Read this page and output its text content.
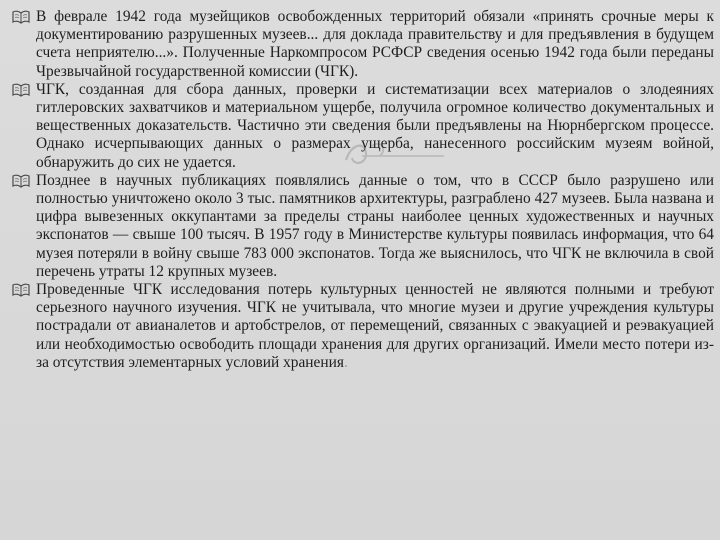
В феврале 1942 года музейщиков освобожденных территорий обязали «принять срочные меры к документированию разрушенных музеев... для доклада правительству и для предъявления в будущем счета неприятелю...». Полученные Наркомпросом РСФСР сведения осенью 1942 года были переданы Чрезвычайной государственной комиссии (ЧГК).
ЧГК, созданная для сбора данных, проверки и систематизации всех материалов о злодеяниях гитлеровских захватчиков и материальном ущербе, получила огромное количество документальных и вещественных доказательств. Частично эти сведения были предъявлены на Нюрнбергском процессе. Однако исчерпывающих данных о размерах ущерба, нанесенного российским музеям войной, обнаружить до сих не удается.
Позднее в научных публикациях появлялись данные о том, что в СССР было разрушено или полностью уничтожено около 3 тыс. памятников архитектуры, разграблено 427 музеев. Была названа и цифра вывезенных оккупантами за пределы страны наиболее ценных художественных и научных экспонатов — свыше 100 тысяч. В 1957 году в Министерстве культуры появилась информация, что 64 музея потеряли в войну свыше 783 000 экспонатов. Тогда же выяснилось, что ЧГК не включила в свой перечень утраты 12 крупных музеев.
Проведенные ЧГК исследования потерь культурных ценностей не являются полными и требуют серьезного научного изучения. ЧГК не учитывала, что многие музеи и другие учреждения культуры пострадали от авианалетов и артобстрелов, от перемещений, связанных с эвакуацией и реэвакуацией или необходимостью освободить площади хранения для других организаций. Имели место потери из-за отсутствия элементарных условий хранения.
